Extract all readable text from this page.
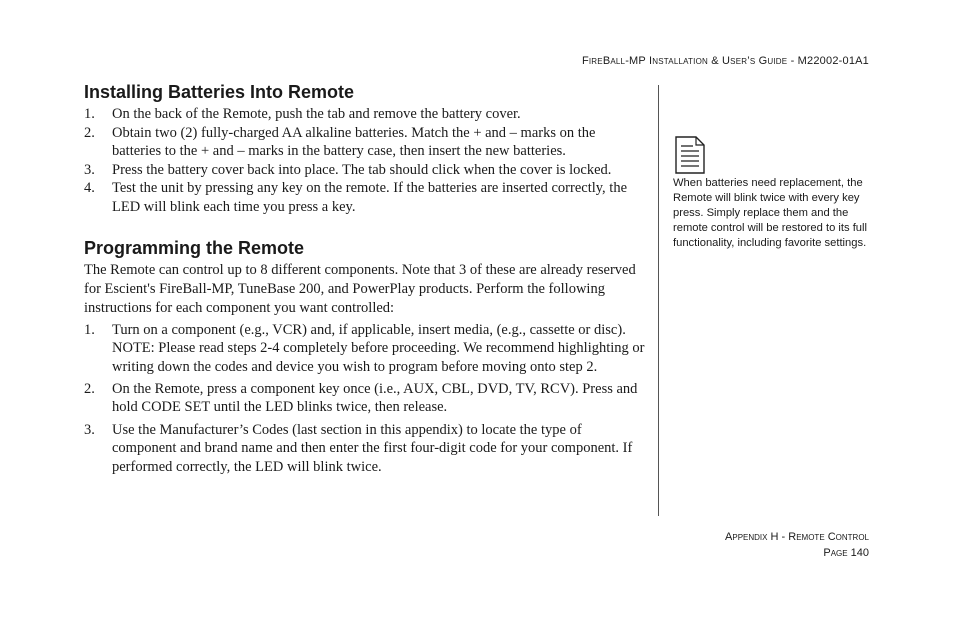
FireBall-MP Installation & User’s Guide - M22002-01A1
Installing Batteries Into Remote
1. On the back of the Remote, push the tab and remove the battery cover.
2. Obtain two (2) fully-charged AA alkaline batteries. Match the + and – marks on the batteries to the + and – marks in the battery case, then insert the new batteries.
3. Press the battery cover back into place. The tab should click when the cover is locked.
4. Test the unit by pressing any key on the remote. If the batteries are inserted correctly, the LED will blink each time you press a key.
Programming the Remote

The Remote can control up to 8 different components. Note that 3 of these are already reserved for Escient's FireBall-MP, TuneBase 200, and PowerPlay products. Perform the following instructions for each component you want controlled:

1. Turn on a component (e.g., VCR) and, if applicable, insert media, (e.g., cassette or disc). NOTE: Please read steps 2-4 completely before proceeding. We recommend highlighting or writing down the codes and device you wish to program before moving onto step 2.
2. On the Remote, press a component key once (i.e., AUX, CBL, DVD, TV, RCV). Press and hold CODE SET until the LED blinks twice, then release.
3. Use the Manufacturer’s Codes (last section in this appendix) to locate the type of component and brand name and then enter the first four-digit code for your component. If performed correctly, the LED will blink twice.
When batteries need replacement, the Remote will blink twice with every key press. Simply replace them and the remote control will be restored to its full functionality, including favorite settings.
Appendix H - Remote Control
Page 140
